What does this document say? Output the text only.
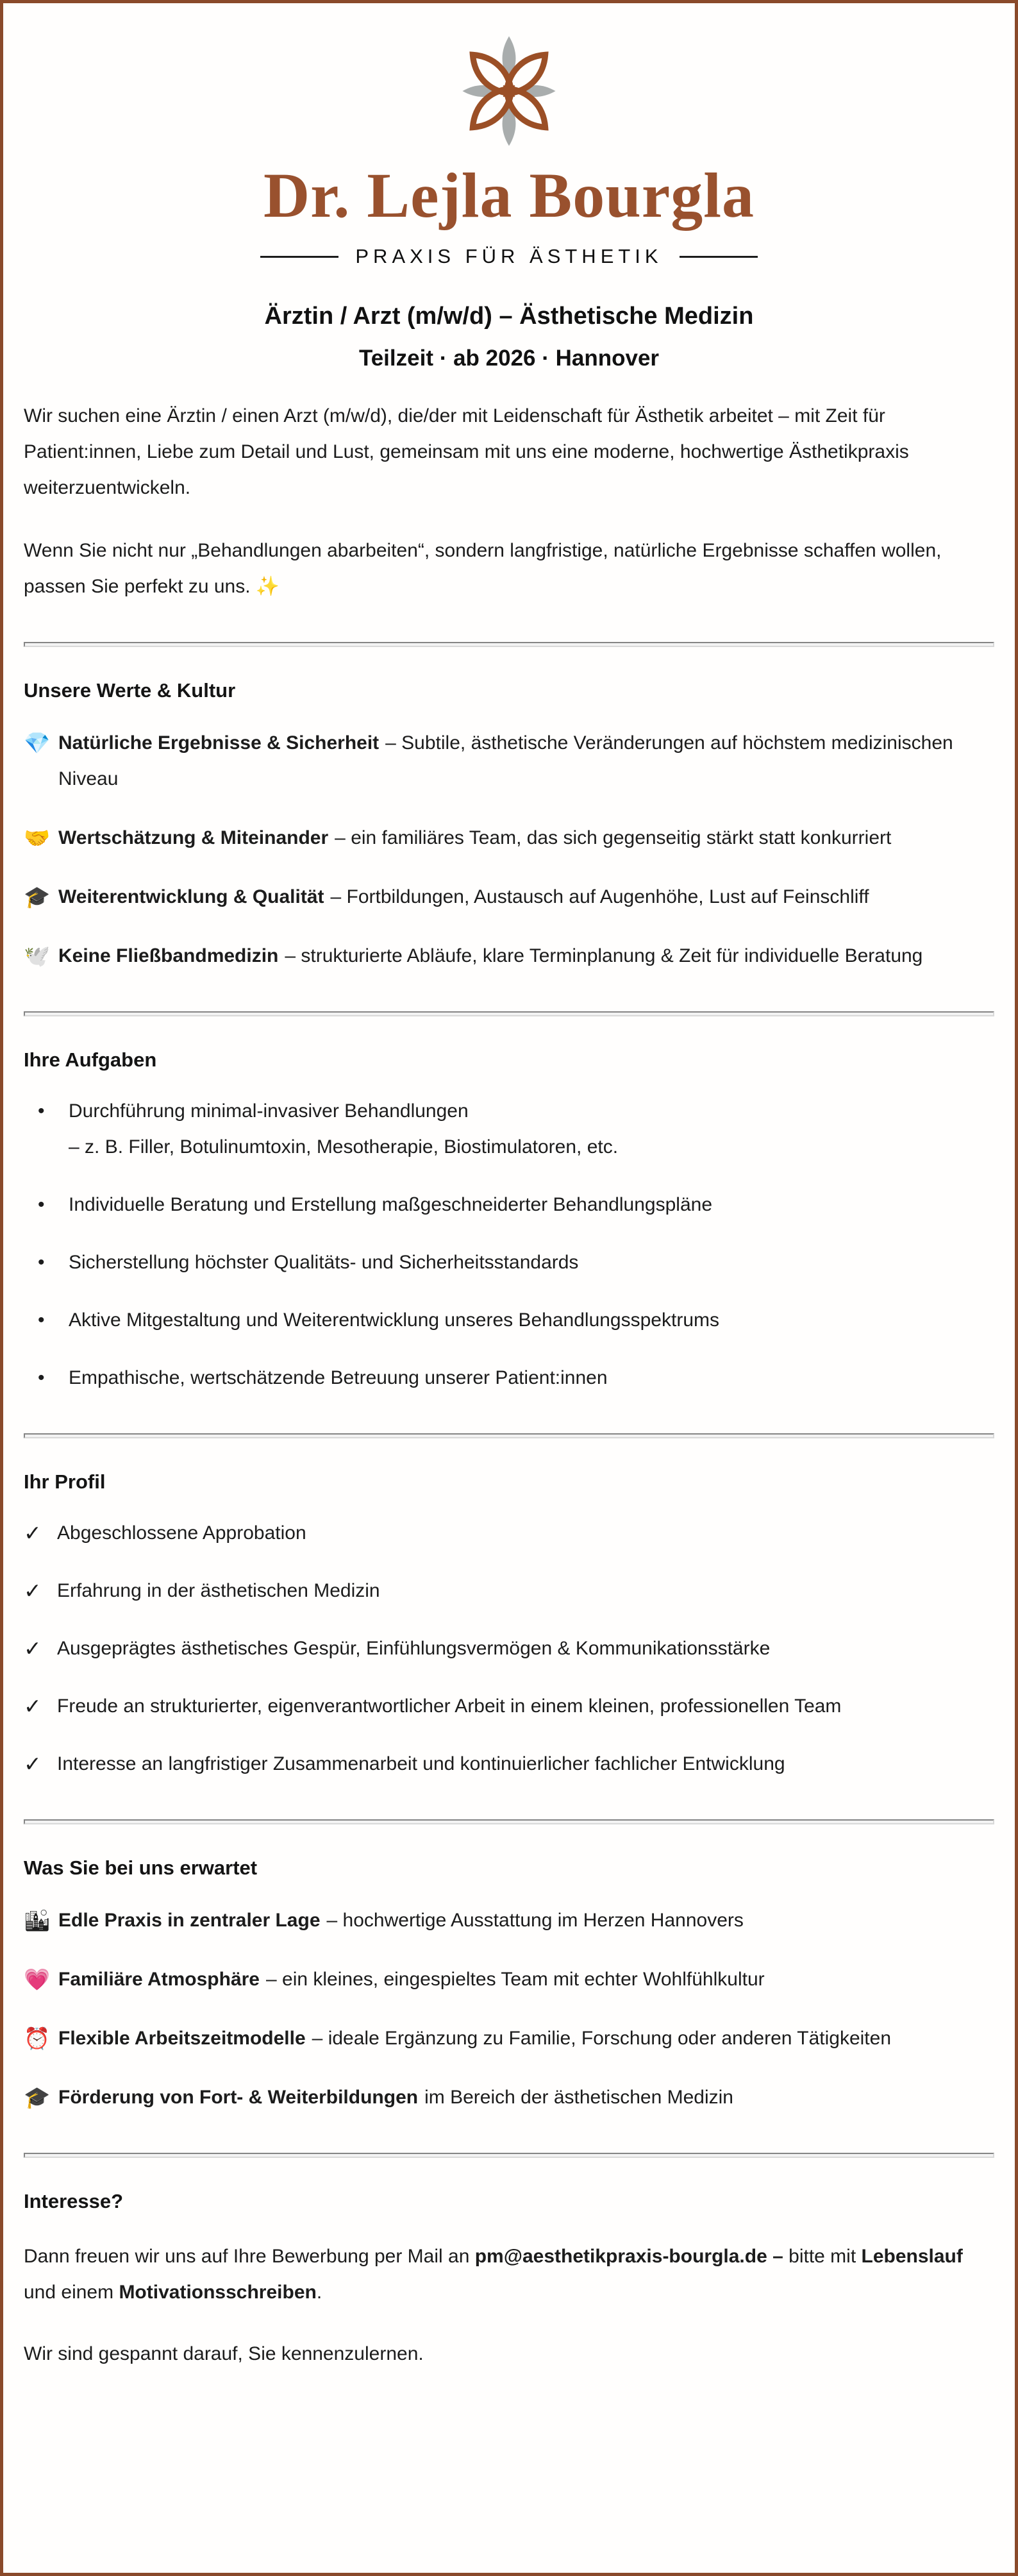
Dr. Lejla Bourgla
PRAXIS FÜR ÄSTHETIK
Ärztin / Arzt (m/w/d) – Ästhetische Medizin
Teilzeit · ab 2026 · Hannover

Wir suchen eine Ärztin / einen Arzt (m/w/d), die/der mit Leidenschaft für Ästhetik arbeitet – mit Zeit für Patient:innen, Liebe zum Detail und Lust, gemeinsam mit uns eine moderne, hochwertige Ästhetikpraxis weiterzuentwickeln.

Wenn Sie nicht nur „Behandlungen abarbeiten“, sondern langfristige, natürliche Ergebnisse schaffen wollen, passen Sie perfekt zu uns. ✨

Unsere Werte & Kultur
💎 Natürliche Ergebnisse & Sicherheit – Subtile, ästhetische Veränderungen auf höchstem medizinischen Niveau
🤝 Wertschätzung & Miteinander – ein familiäres Team, das sich gegenseitig stärkt statt konkurriert
🎓 Weiterentwicklung & Qualität – Fortbildungen, Austausch auf Augenhöhe, Lust auf Feinschliff
🕊️ Keine Fließbandmedizin – strukturierte Abläufe, klare Terminplanung & Zeit für individuelle Beratung
Ihre Aufgaben
•	Durchführung minimal-invasiver Behandlungen
– z. B. Filler, Botulinumtoxin, Mesotherapie, Biostimulatoren, etc.
•	Individuelle Beratung und Erstellung maßgeschneiderter Behandlungspläne
•	Sicherstellung höchster Qualitäts- und Sicherheitsstandards
•	Aktive Mitgestaltung und Weiterentwicklung unseres Behandlungsspektrums
•	Empathische, wertschätzende Betreuung unserer Patient:innen
Ihr Profil
✓ Abgeschlossene Approbation
✓ Erfahrung in der ästhetischen Medizin
✓ Ausgeprägtes ästhetisches Gespür, Einfühlungsvermögen & Kommunikationsstärke
✓ Freude an strukturierter, eigenverantwortlicher Arbeit in einem kleinen, professionellen Team
✓ Interesse an langfristiger Zusammenarbeit und kontinuierlicher fachlicher Entwicklung
Was Sie bei uns erwartet
🏙 Edle Praxis in zentraler Lage – hochwertige Ausstattung im Herzen Hannovers
💗 Familiäre Atmosphäre – ein kleines, eingespieltes Team mit echter Wohlfühlkultur
⏰ Flexible Arbeitszeitmodelle – ideale Ergänzung zu Familie, Forschung oder anderen Tätigkeiten
🎓 Förderung von Fort- & Weiterbildungen im Bereich der ästhetischen Medizin
Interesse?

Dann freuen wir uns auf Ihre Bewerbung per Mail an pm@aesthetikpraxis-bourgla.de – bitte mit Lebenslauf und einem Motivationsschreiben.

Wir sind gespannt darauf, Sie kennenzulernen.
